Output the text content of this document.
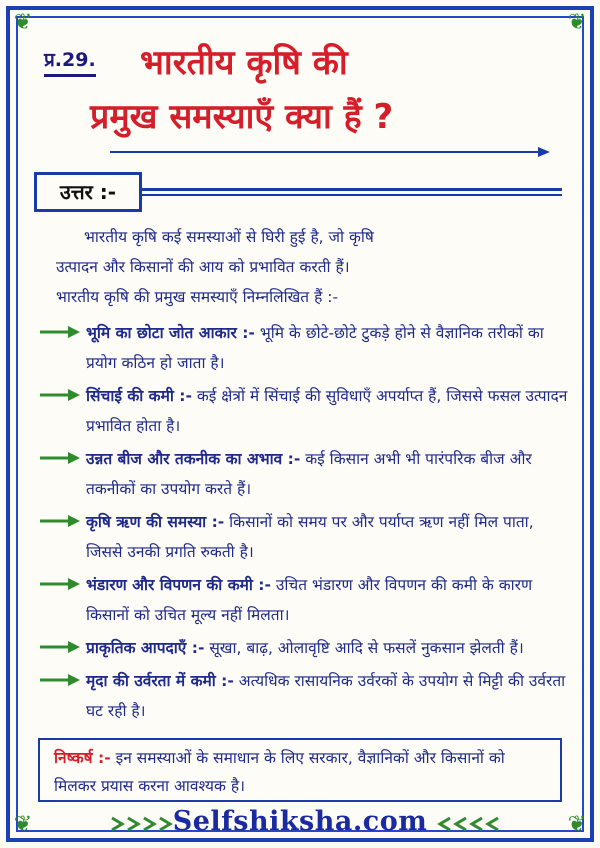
❦	❦
❦	❦
प्र.29. भारतीय कृषि की
प्रमुख समस्याएँ क्या हैं ?
उत्तर :-
भारतीय कृषि कई समस्याओं से घिरी हुई है, जो कृषि
उत्पादन और किसानों की आय को प्रभावित करती हैं।
भारतीय कृषि की प्रमुख समस्याएँ निम्नलिखित हैं :-
भूमि का छोटा जोत आकार :- भूमि के छोटे-छोटे टुकड़े होने से वैज्ञानिक तरीकों का प्रयोग कठिन हो जाता है।
सिंचाई की कमी :- कई क्षेत्रों में सिंचाई की सुविधाएँ अपर्याप्त हैं, जिससे फसल उत्पादन प्रभावित होता है।
उन्नत बीज और तकनीक का अभाव :- कई किसान अभी भी पारंपरिक बीज और तकनीकों का उपयोग करते हैं।
कृषि ऋण की समस्या :- किसानों को समय पर और पर्याप्त ऋण नहीं मिल पाता, जिससे उनकी प्रगति रुकती है।
भंडारण और विपणन की कमी :- उचित भंडारण और विपणन की कमी के कारण किसानों को उचित मूल्य नहीं मिलता।
प्राकृतिक आपदाएँ :- सूखा, बाढ़, ओलावृष्टि आदि से फसलें नुकसान झेलती हैं।
मृदा की उर्वरता में कमी :- अत्यधिक रासायनिक उर्वरकों के उपयोग से मिट्टी की उर्वरता घट रही है।
निष्कर्ष :- इन समस्याओं के समाधान के लिए सरकार, वैज्ञानिकों और किसानों को मिलकर प्रयास करना आवश्यक है।
Selfshiksha.com
